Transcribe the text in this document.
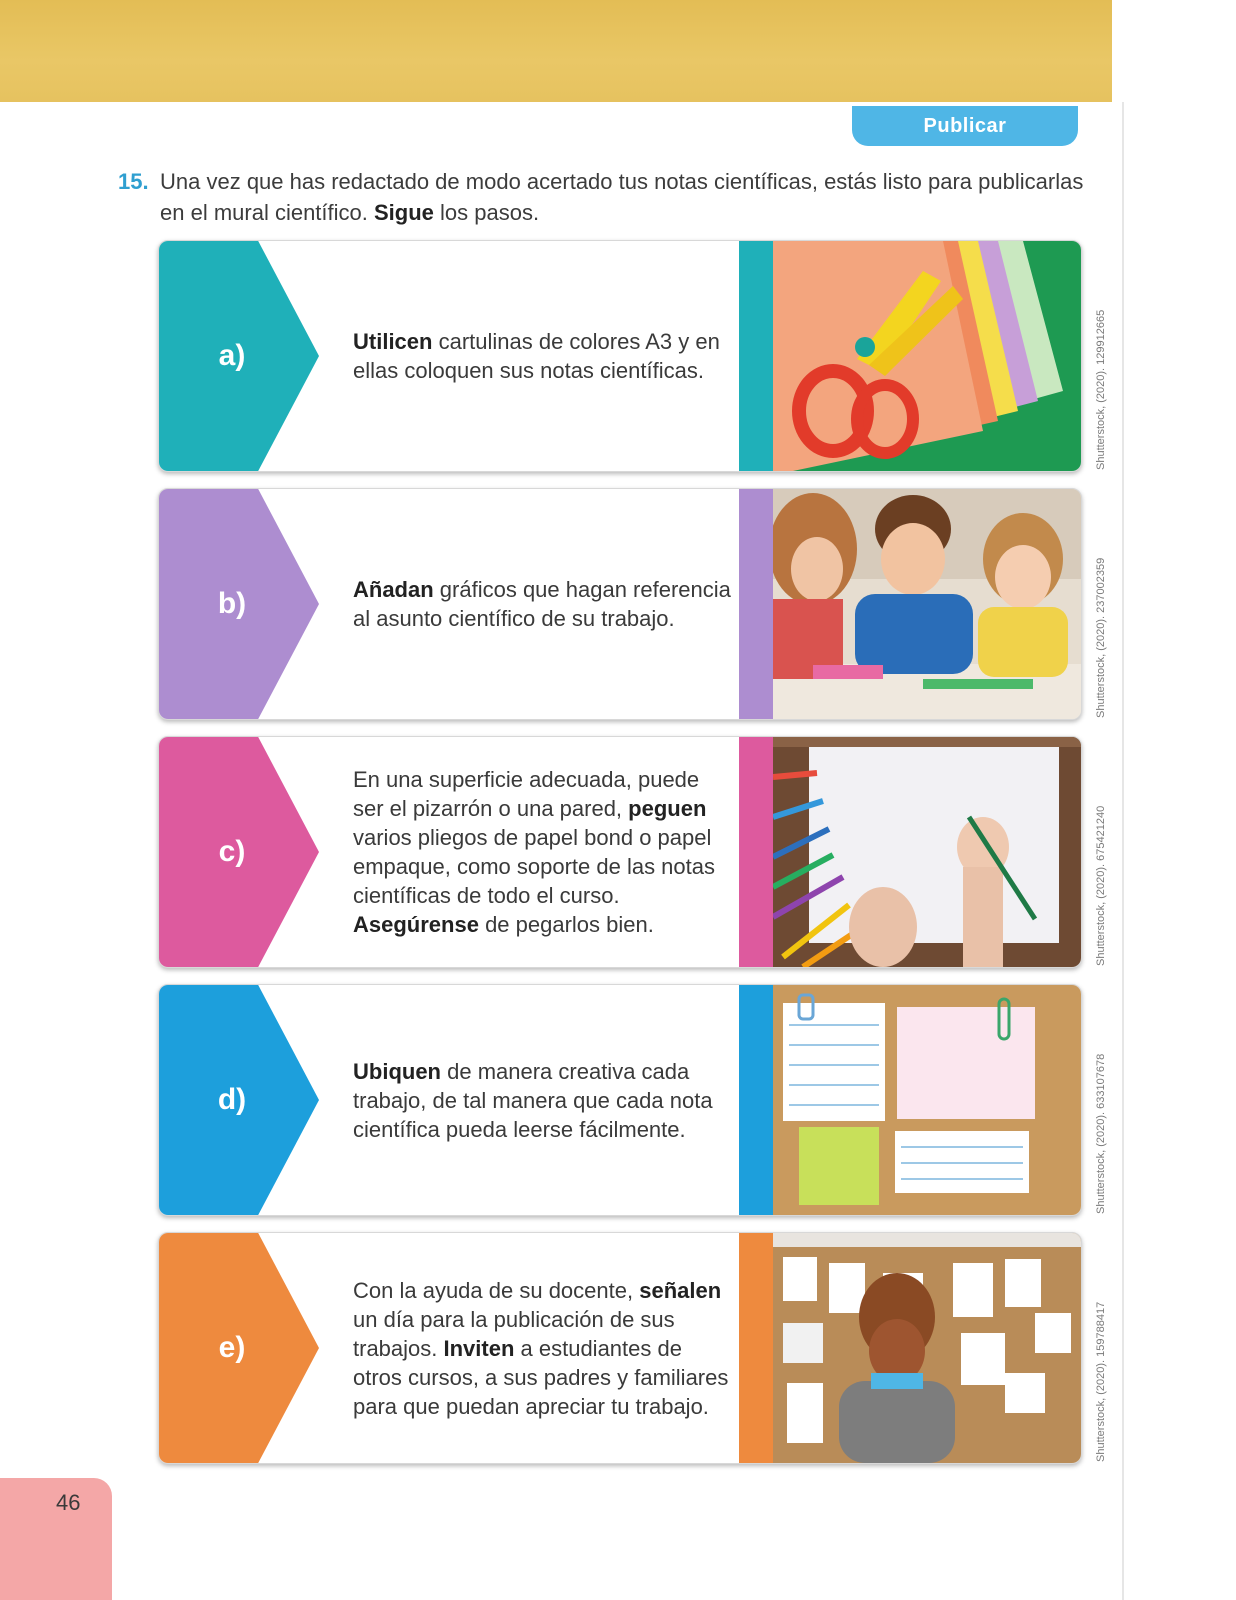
Publicar
15. Una vez que has redactado de modo acertado tus notas científicas, estás listo para publicarlas en el mural científico. Sigue los pasos.
a)	Utilicen cartulinas de colores A3 y en ellas coloquen sus notas científicas.	Shutterstock, (2020). 129912665
b)	Añadan gráficos que hagan referencia al asunto científico de su trabajo.	Shutterstock, (2020). 237002359
c)
En una superficie adecuada, puede ser el pizarrón o una pared, peguen varios pliegos de papel bond o papel empaque, como soporte de las notas científicas de todo el curso. Asegúrense de pegarlos bien.	Shutterstock, (2020). 675421240
d)
Ubiquen de manera creativa cada trabajo, de tal manera que cada nota científica pueda leerse fácilmente.	Shutterstock, (2020). 633107678
e)
Con la ayuda de su docente, señalen un día para la publicación de sus trabajos. Inviten a estudiantes de otros cursos, a sus padres y familiares para que puedan apreciar tu trabajo.	Shutterstock, (2020). 159788417
46
